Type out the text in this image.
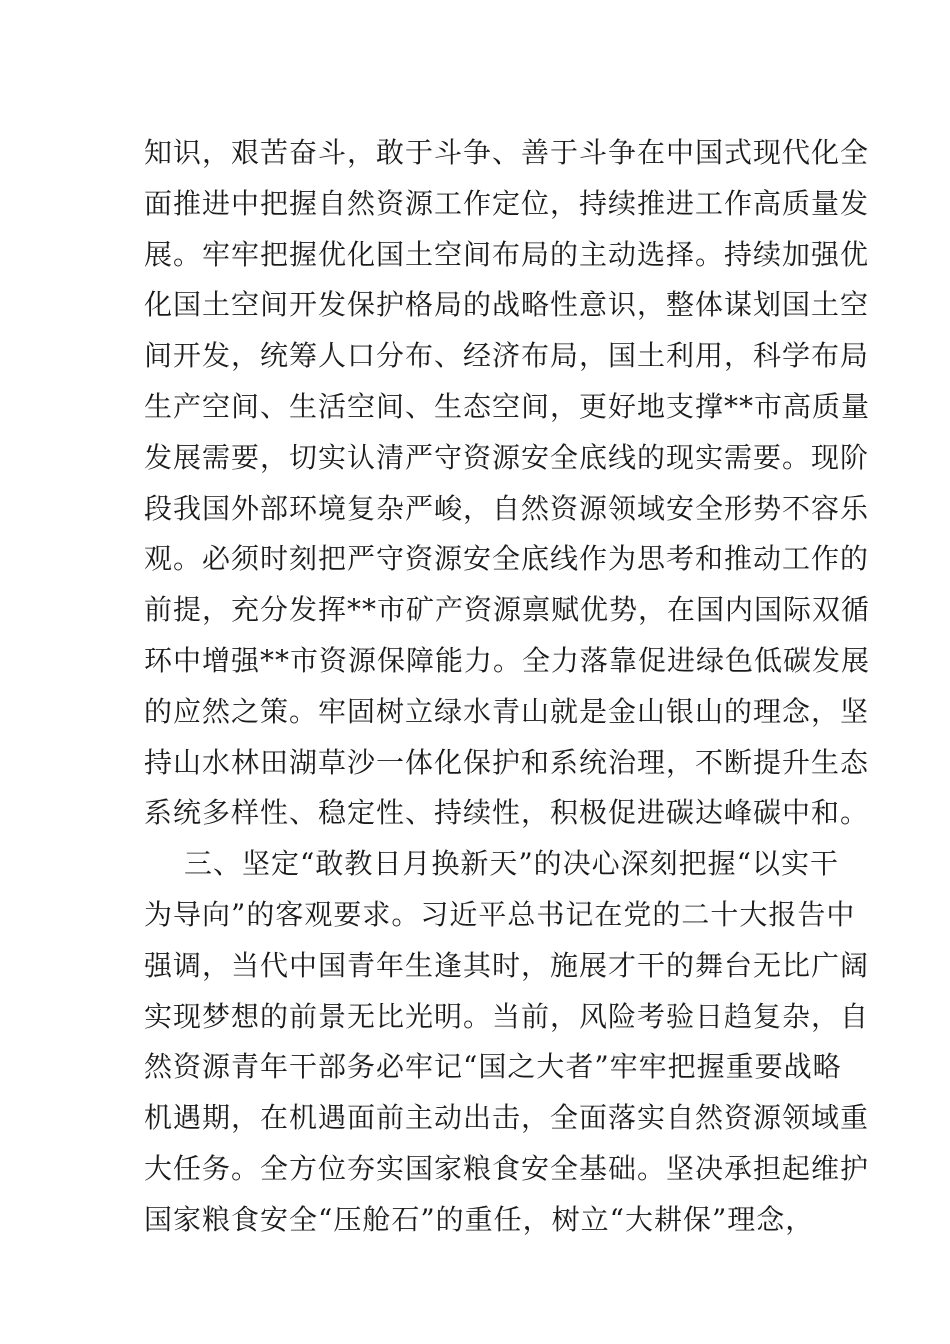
知识，艰苦奋斗，敢于斗争、善于斗争在中国式现代化全
面推进中把握自然资源工作定位，持续推进工作高质量发
展。牢牢把握优化国土空间布局的主动选择。持续加强优
化国土空间开发保护格局的战略性意识，整体谋划国土空
间开发，统筹人口分布、经济布局，国土利用，科学布局
生产空间、生活空间、生态空间，更好地支撑**市高质量
发展需要，切实认清严守资源安全底线的现实需要。现阶
段我国外部环境复杂严峻，自然资源领域安全形势不容乐
观。必须时刻把严守资源安全底线作为思考和推动工作的
前提，充分发挥**市矿产资源禀赋优势，在国内国际双循
环中增强**市资源保障能力。全力落靠促进绿色低碳发展
的应然之策。牢固树立绿水青山就是金山银山的理念，坚
持山水林田湖草沙一体化保护和系统治理，不断提升生态
系统多样性、稳定性、持续性，积极促进碳达峰碳中和。
三、坚定“敢教日月换新天”的决心深刻把握“以实干
为导向”的客观要求。习近平总书记在党的二十大报告中
强调，当代中国青年生逢其时，施展才干的舞台无比广阔
实现梦想的前景无比光明。当前，风险考验日趋复杂，自
然资源青年干部务必牢记“国之大者”牢牢把握重要战略
机遇期，在机遇面前主动出击，全面落实自然资源领域重
大任务。全方位夯实国家粮食安全基础。坚决承担起维护
国家粮食安全“压舱石”的重任，树立“大耕保”理念，
